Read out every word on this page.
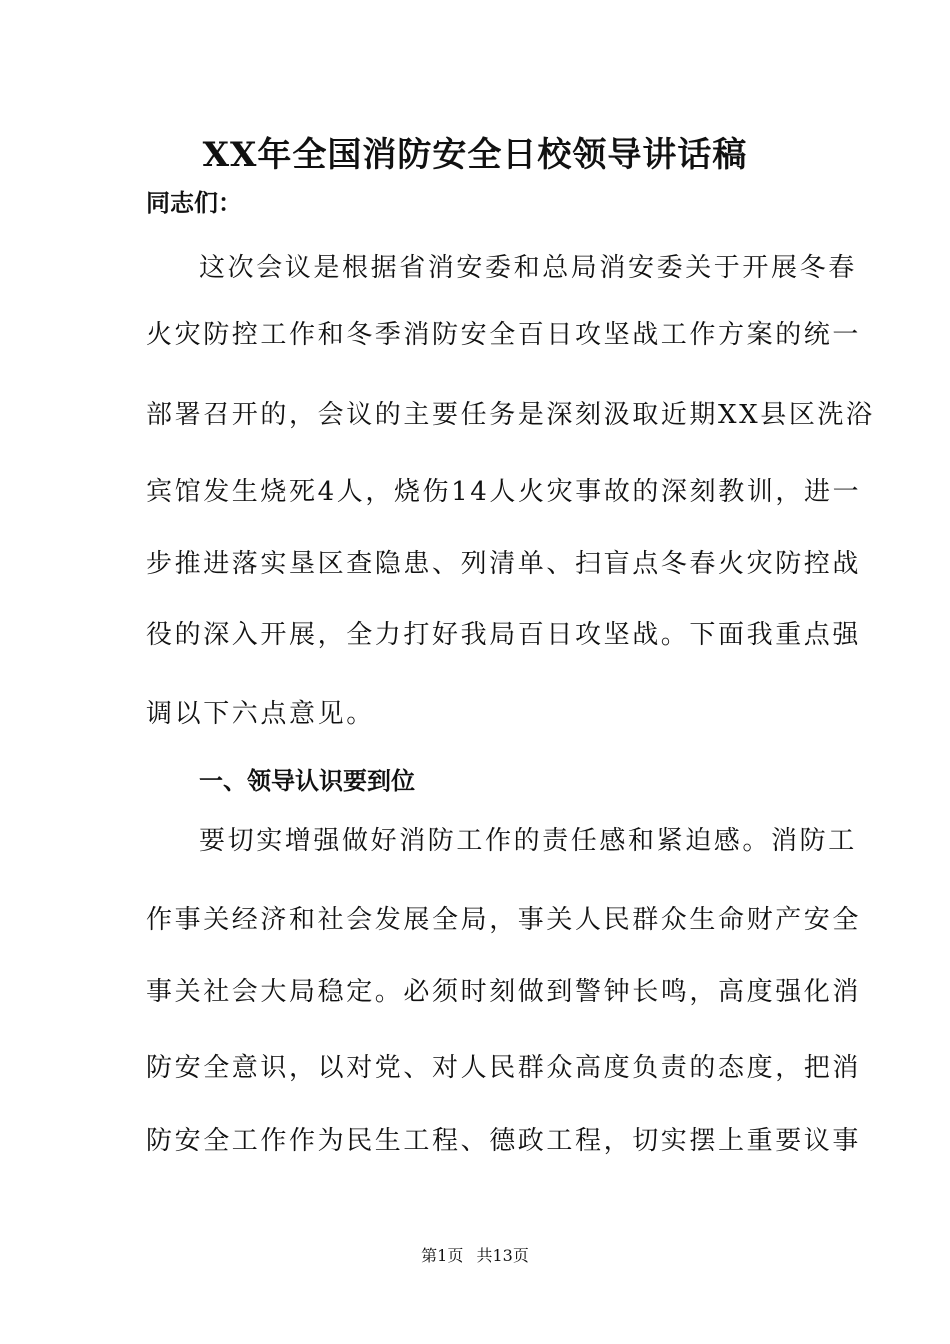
XX年全国消防安全日校领导讲话稿
同志们：
这次会议是根据省消安委和总局消安委关于开展冬春
火灾防控工作和冬季消防安全百日攻坚战工作方案的统一
部署召开的，会议的主要任务是深刻汲取近期XX县区洗浴
宾馆发生烧死4人，烧伤14人火灾事故的深刻教训，进一
步推进落实垦区查隐患、列清单、扫盲点冬春火灾防控战
役的深入开展，全力打好我局百日攻坚战。下面我重点强
调以下六点意见。
一、领导认识要到位
要切实增强做好消防工作的责任感和紧迫感。消防工
作事关经济和社会发展全局，事关人民群众生命财产安全
事关社会大局稳定。必须时刻做到警钟长鸣，高度强化消
防安全意识，以对党、对人民群众高度负责的态度，把消
防安全工作作为民生工程、德政工程，切实摆上重要议事
第1页 共13页
